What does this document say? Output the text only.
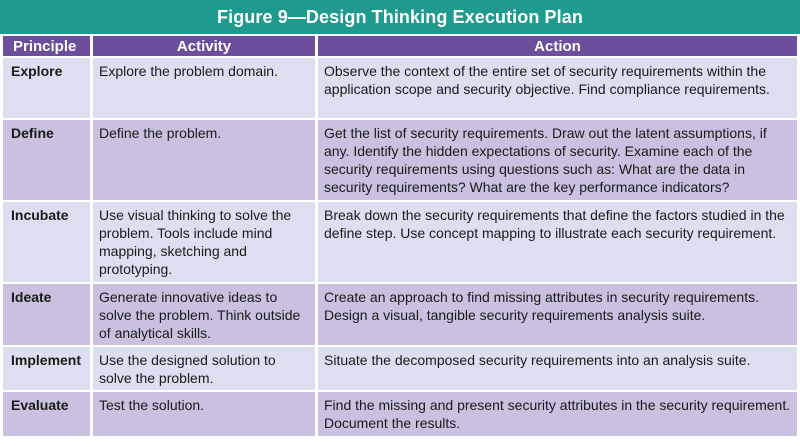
Figure 9—Design Thinking Execution Plan
Principle	Activity	Action
Explore	Explore the problem domain.	Observe the context of the entire set of security requirements within the application scope and security objective. Find compliance requirements.
Define	Define the problem.	Get the list of security requirements. Draw out the latent assumptions, if any. Identify the hidden expectations of security. Examine each of the security requirements using questions such as: What are the data in security requirements? What are the key performance indicators?
Incubate	Use visual thinking to solve the problem. Tools include mind mapping, sketching and prototyping.	Break down the security requirements that define the factors studied in the define step. Use concept mapping to illustrate each security requirement.
Ideate	Generate innovative ideas to solve the problem. Think outside of analytical skills.	Create an approach to find missing attributes in security requirements. Design a visual, tangible security requirements analysis suite.
Implement	Use the designed solution to solve the problem.	Situate the decomposed security requirements into an analysis suite.
Evaluate	Test the solution.	Find the missing and present security attributes in the security requirement. Document the results.
